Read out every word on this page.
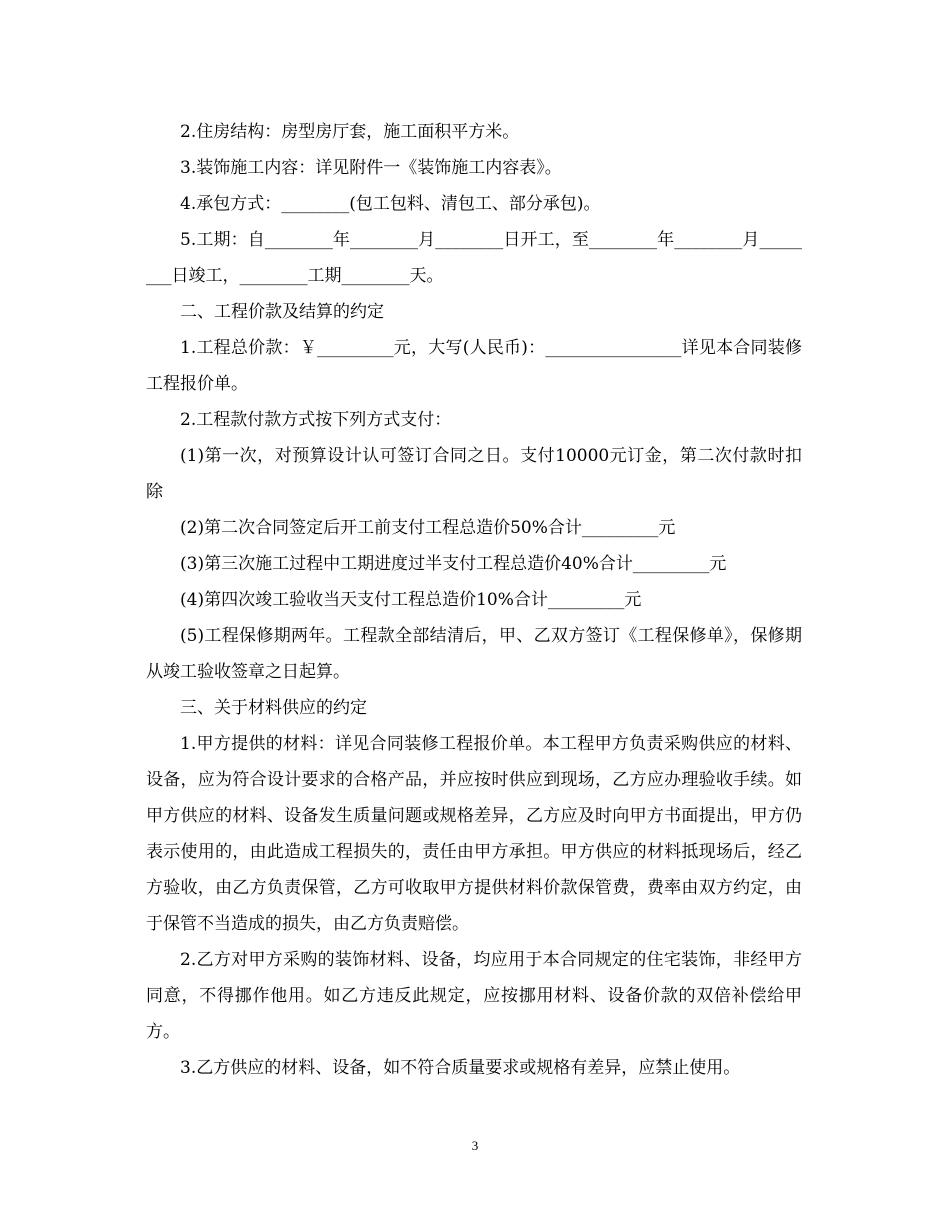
2.住房结构：房型房厅套，施工面积平方米。

3.装饰施工内容：详见附件一《装饰施工内容表》。

4.承包方式：________(包工包料、清包工、部分承包)。

5.工期：自________年________月________日开工，至________年________月________日竣工，________工期________天。

二、工程价款及结算的约定

1.工程总价款：￥_________元，大写(人民币)：________________详见本合同装修工程报价单。

2.工程款付款方式按下列方式支付：

(1)第一次，对预算设计认可签订合同之日。支付10000元订金，第二次付款时扣除

(2)第二次合同签定后开工前支付工程总造价50%合计_________元

(3)第三次施工过程中工期进度过半支付工程总造价40%合计_________元

(4)第四次竣工验收当天支付工程总造价10%合计_________元

(5)工程保修期两年。工程款全部结清后，甲、乙双方签订《工程保修单》，保修期从竣工验收签章之日起算。

三、关于材料供应的约定

1.甲方提供的材料：详见合同装修工程报价单。本工程甲方负责采购供应的材料、设备，应为符合设计要求的合格产品，并应按时供应到现场，乙方应办理验收手续。如甲方供应的材料、设备发生质量问题或规格差异，乙方应及时向甲方书面提出，甲方仍表示使用的，由此造成工程损失的，责任由甲方承担。甲方供应的材料抵现场后，经乙方验收，由乙方负责保管，乙方可收取甲方提供材料价款保管费，费率由双方约定，由于保管不当造成的损失，由乙方负责赔偿。

2.乙方对甲方采购的装饰材料、设备，均应用于本合同规定的住宅装饰，非经甲方同意，不得挪作他用。如乙方违反此规定，应按挪用材料、设备价款的双倍补偿给甲方。

3.乙方供应的材料、设备，如不符合质量要求或规格有差异，应禁止使用。

3
